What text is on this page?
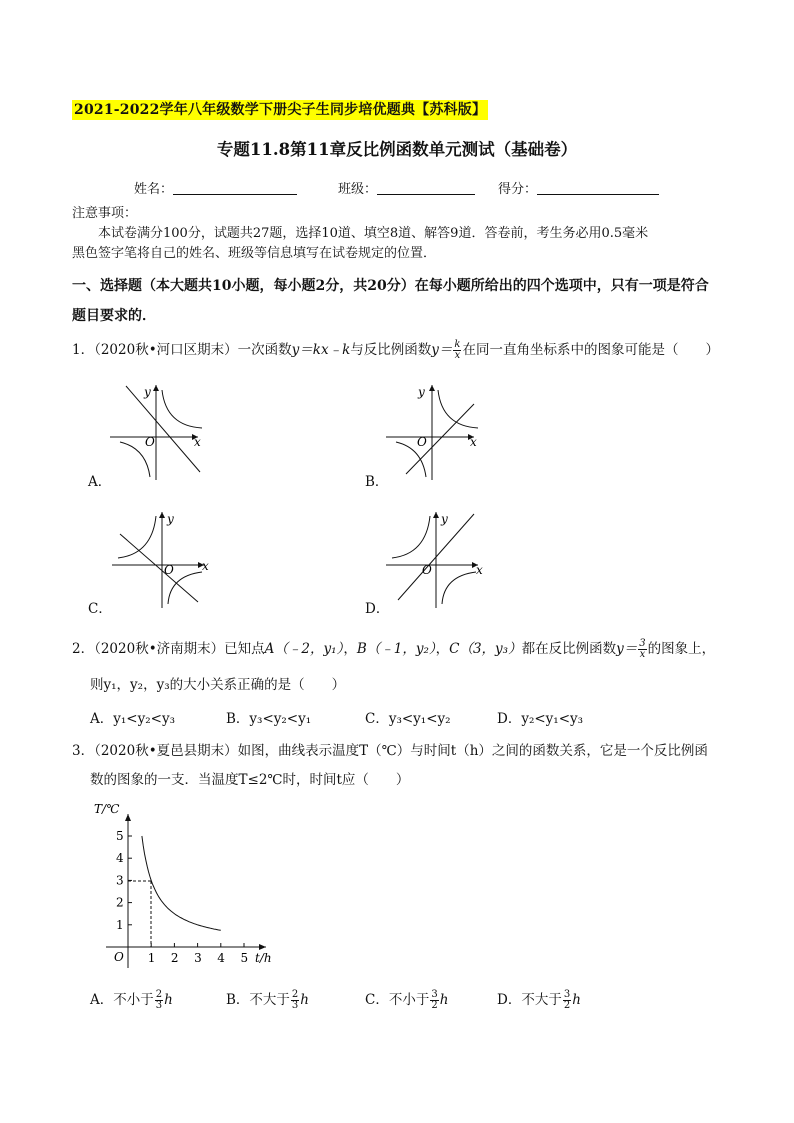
2021-2022学年八年级数学下册尖子生同步培优题典【苏科版】
专题11.8第11章反比例函数单元测试（基础卷）
姓名：	班级：	得分：
注意事项：
本试卷满分100分，试题共27题，选择10道、填空8道、解答9道．答卷前，考生务必用0.5毫米
黑色签字笔将自己的姓名、班级等信息填写在试卷规定的位置．
一、选择题（本大题共10小题，每小题2分，共20分）在每小题所给出的四个选项中，只有一项是符合
题目要求的．
1．（2020秋•河口区期末）一次函数y＝kx﹣k与反比例函数$y= \frac{k}{x}$ 在同一直角坐标系中的图象可能是（　　）
O	x
y
A．
O	x
y
B．
O x
y
C．
O	x
y
D．
2．（2020秋•济南期末）已知点A（﹣2，y₁），B（﹣1，y₂），C（3，y₃）都在反比例函数$y= \frac{3}{x}$ 的图象上，
则y₁，y₂，y₃的大小关系正确的是（　　）
A．y₁<y₂<y₃	B．y₃<y₂<y₁	C．y₃<y₁<y₂	D．y₂<y₁<y₃
3．（2020秋•夏邑县期末）如图，曲线表示温度T（℃）与时间t（h）之间的函数关系，它是一个反比例函
数的图象的一支．当温度T≤2℃时，时间t应（　　）
1 2 3 4 5
1
2
3
4
5
O	t/h
T/℃
A．不小于 $\frac{2}{3}$ h	B．不大于 $\frac{2}{3}$ h	C．不小于 $\frac{3}{2}$ h	D．不大于 $\frac{3}{2}$ h
